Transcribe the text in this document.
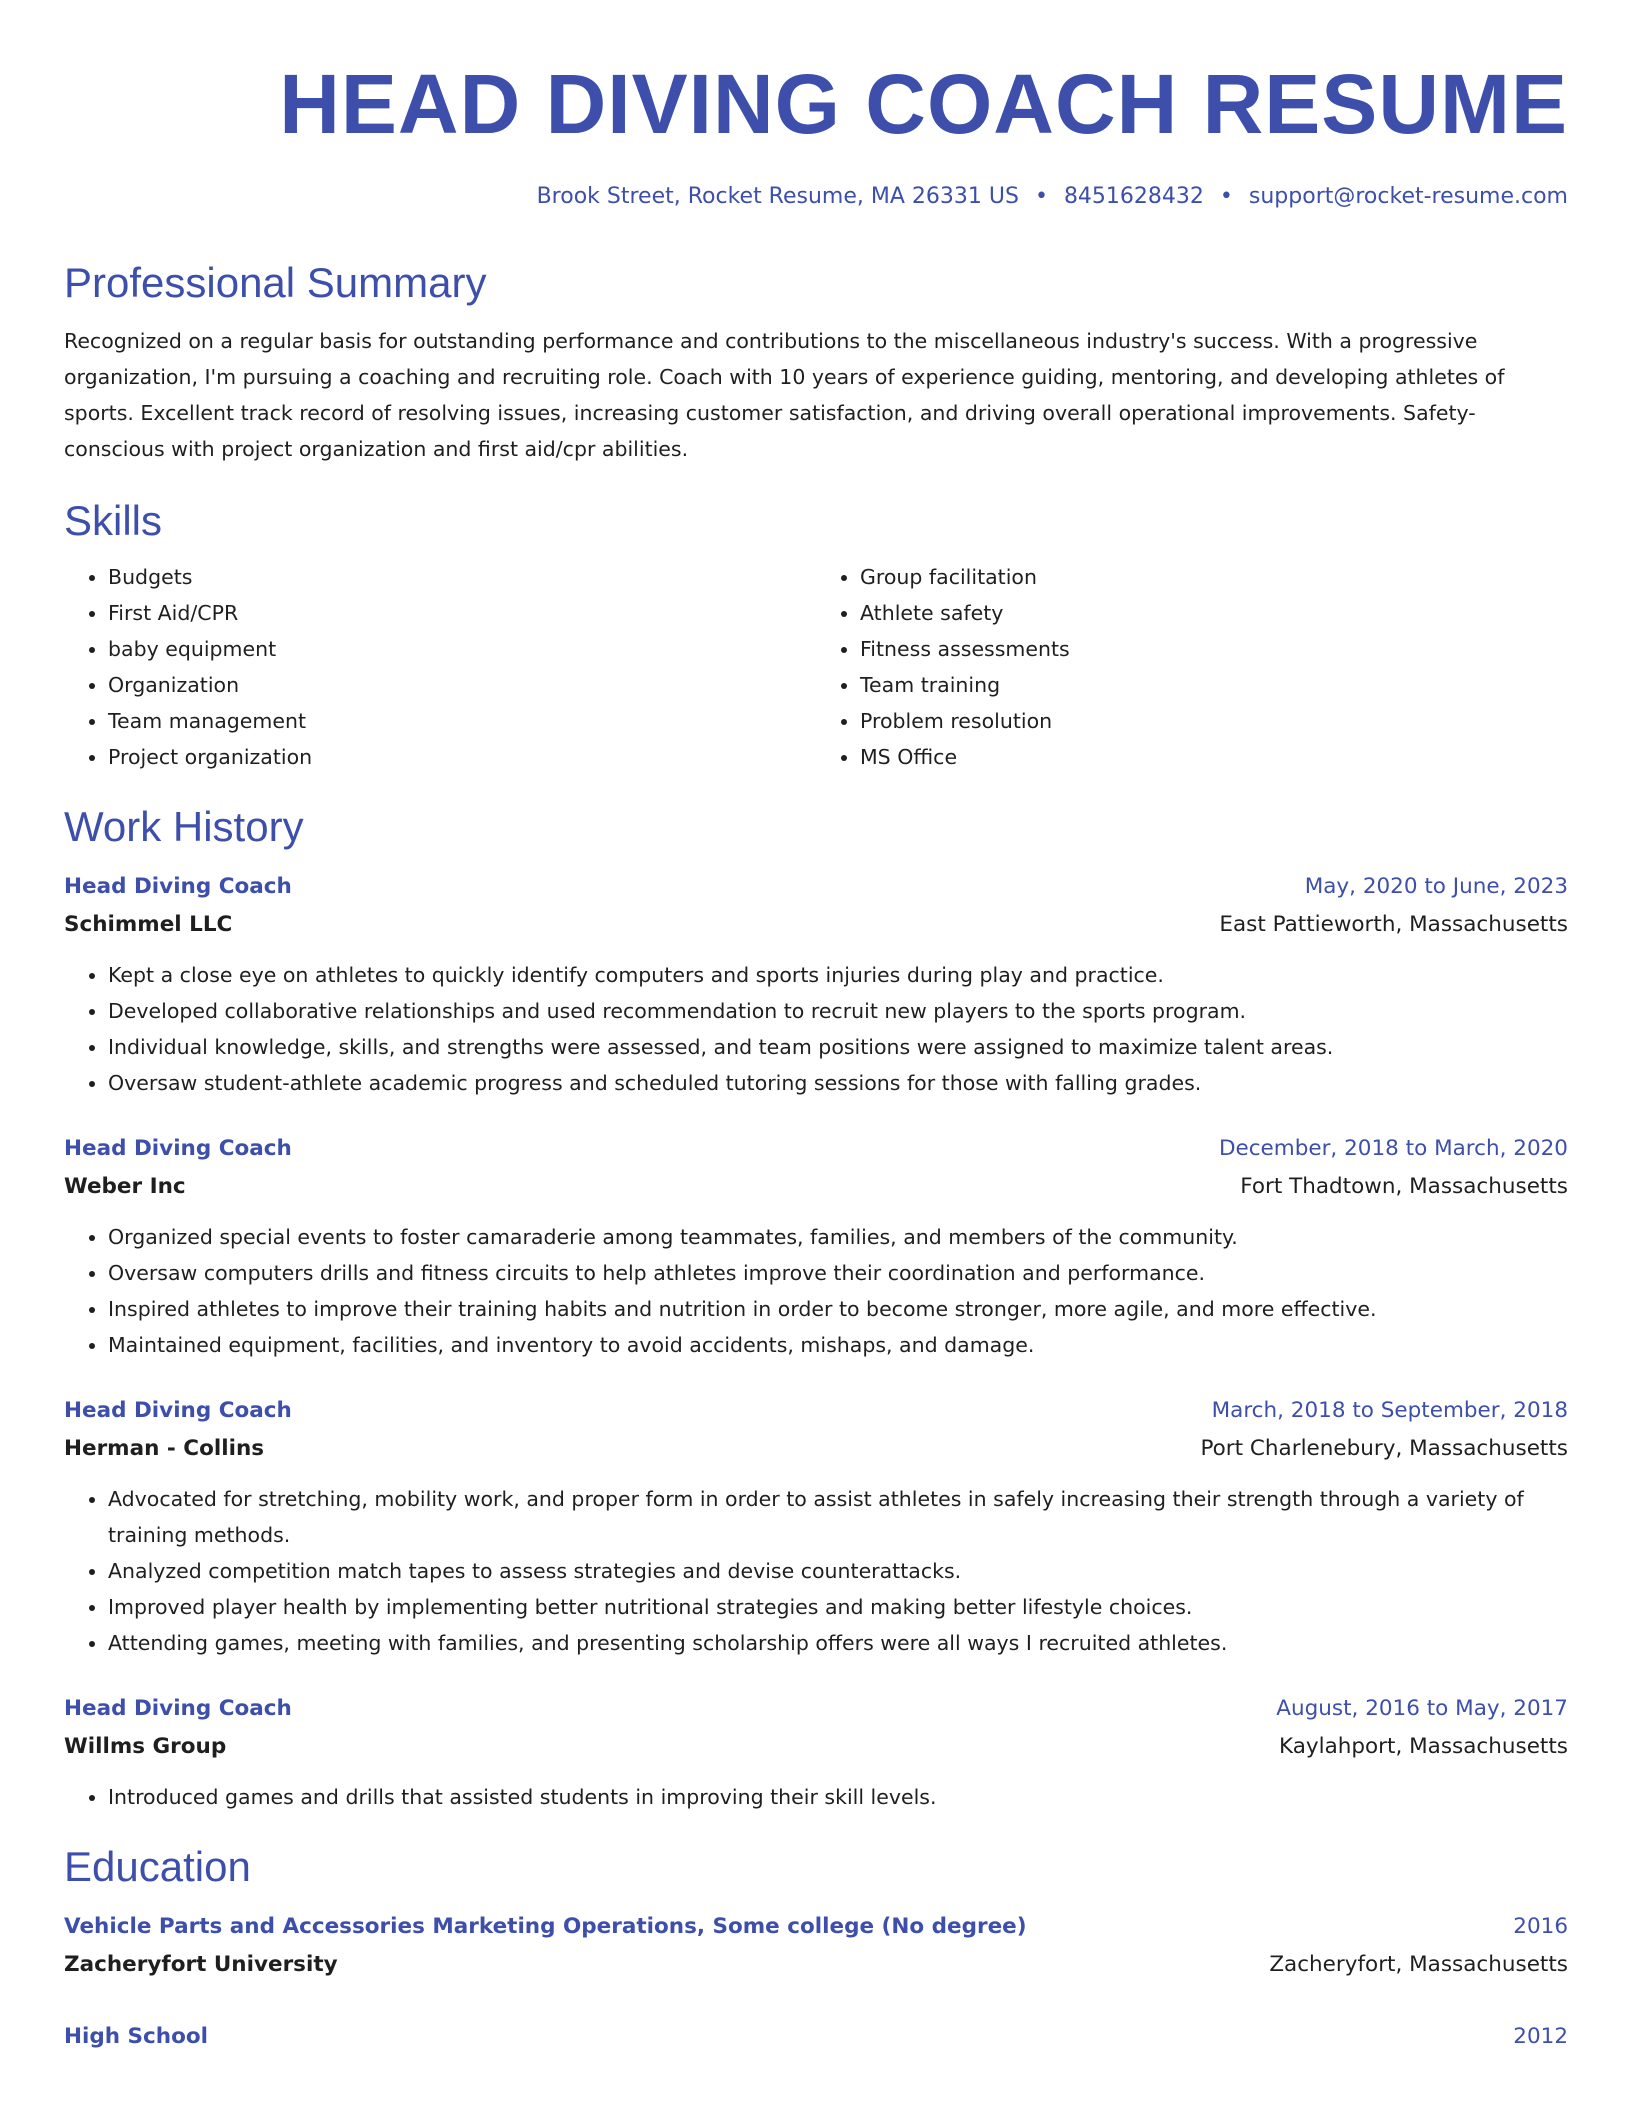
HEAD DIVING COACH RESUME
Brook Street, Rocket Resume, MA 26331 US • 8451628432 • support@rocket-resume.com
Professional Summary

Recognized on a regular basis for outstanding performance and contributions to the miscellaneous industry's success. With a progressive organization, I'm pursuing a coaching and recruiting role. Coach with 10 years of experience guiding, mentoring, and developing athletes of sports. Excellent track record of resolving issues, increasing customer satisfaction, and driving overall operational improvements. Safety-conscious with project organization and first aid/cpr abilities.

Skills
• Budgets
• First Aid/CPR
• baby equipment
• Organization
• Team management
• Project organization
• Group facilitation
• Athlete safety
• Fitness assessments
• Team training
• Problem resolution
• MS Office
Work History
Head Diving Coach	May, 2020 to June, 2023
Schimmel LLC	East Pattieworth, Massachusetts
• Kept a close eye on athletes to quickly identify computers and sports injuries during play and practice.
• Developed collaborative relationships and used recommendation to recruit new players to the sports program.
• Individual knowledge, skills, and strengths were assessed, and team positions were assigned to maximize talent areas.
• Oversaw student-athlete academic progress and scheduled tutoring sessions for those with falling grades.
Head Diving Coach	December, 2018 to March, 2020
Weber Inc	Fort Thadtown, Massachusetts
• Organized special events to foster camaraderie among teammates, families, and members of the community.
• Oversaw computers drills and fitness circuits to help athletes improve their coordination and performance.
• Inspired athletes to improve their training habits and nutrition in order to become stronger, more agile, and more effective.
• Maintained equipment, facilities, and inventory to avoid accidents, mishaps, and damage.
Head Diving Coach	March, 2018 to September, 2018
Herman - Collins	Port Charlenebury, Massachusetts
• Advocated for stretching, mobility work, and proper form in order to assist athletes in safely increasing their strength through a variety of training methods.
• Analyzed competition match tapes to assess strategies and devise counterattacks.
• Improved player health by implementing better nutritional strategies and making better lifestyle choices.
• Attending games, meeting with families, and presenting scholarship offers were all ways I recruited athletes.
Head Diving Coach	August, 2016 to May, 2017
Willms Group	Kaylahport, Massachusetts
• Introduced games and drills that assisted students in improving their skill levels.
Education
Vehicle Parts and Accessories Marketing Operations, Some college (No degree)	2016
Zacheryfort University	Zacheryfort, Massachusetts
High School	2012
